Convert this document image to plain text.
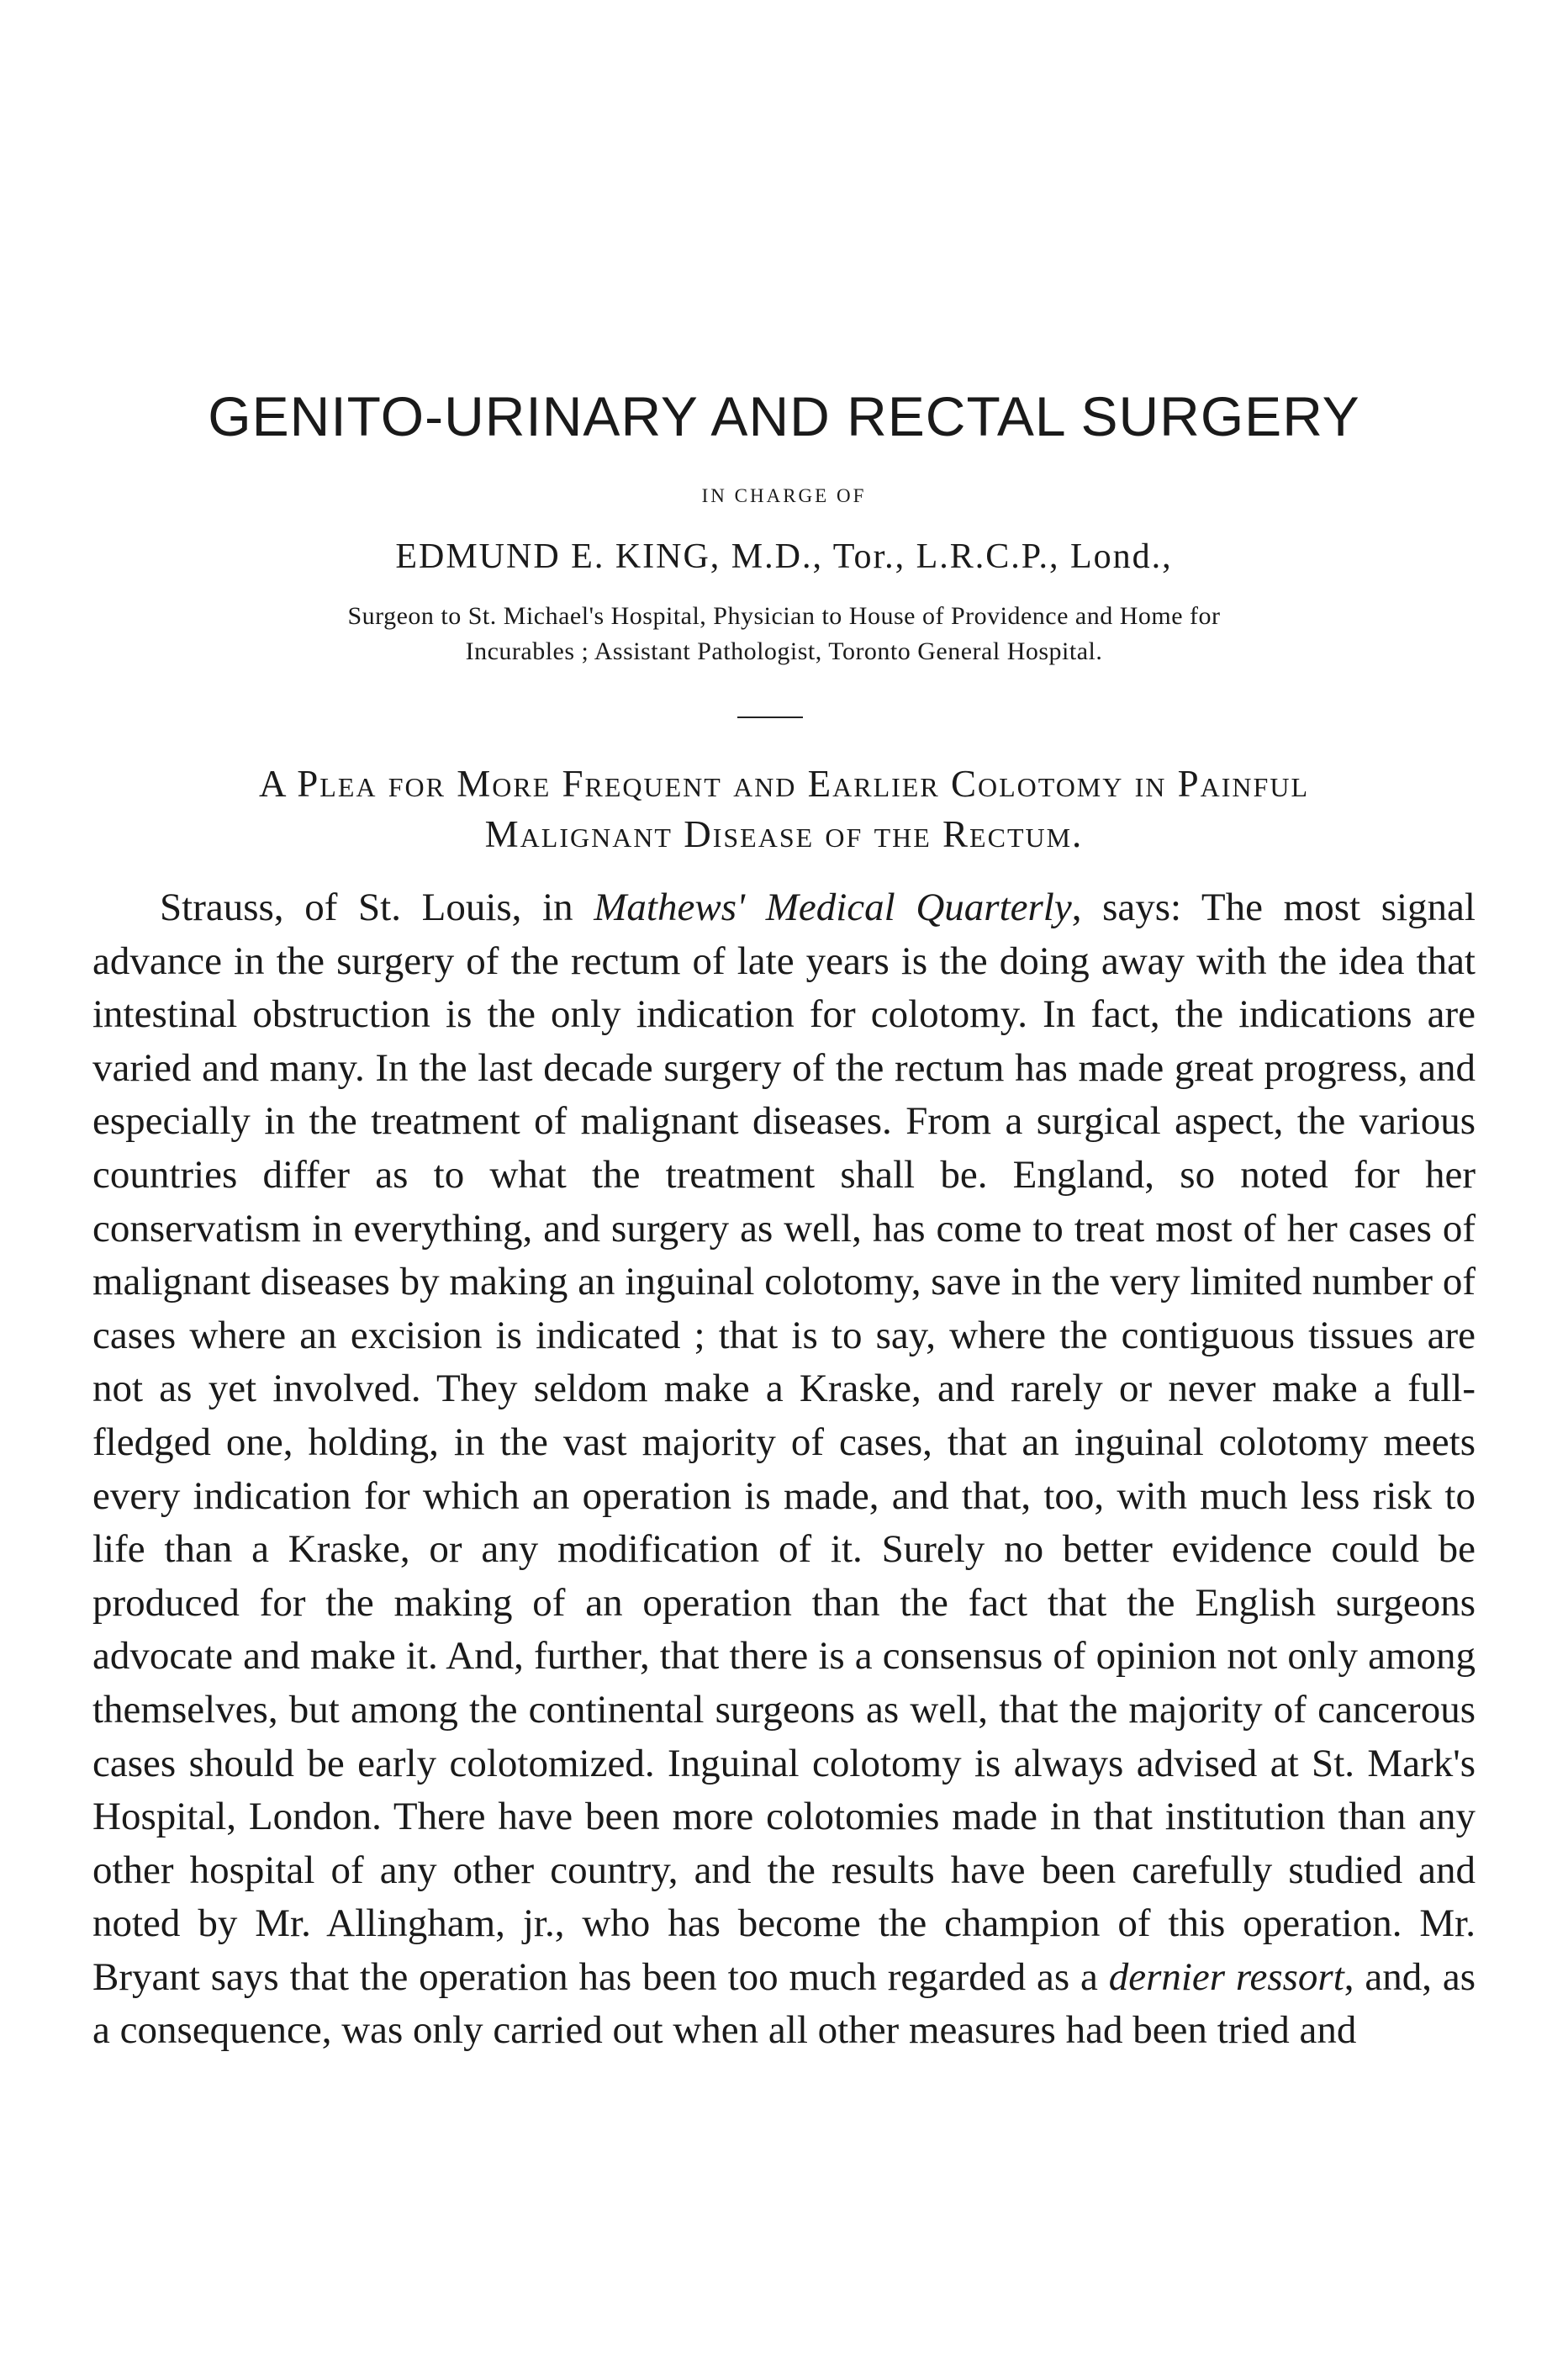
GENITO-URINARY AND RECTAL SURGERY
IN CHARGE OF
EDMUND E. KING, M.D., Tor., L.R.C.P., Lond.,
Surgeon to St. Michael's Hospital, Physician to House of Providence and Home for
Incurables ; Assistant Pathologist, Toronto General Hospital.
A Plea for More Frequent and Earlier Colotomy in Painful
Malignant Disease of the Rectum.

Strauss, of St. Louis, in Mathews' Medical Quarterly, says: The most signal advance in the surgery of the rectum of late years is the doing away with the idea that intestinal obstruction is the only indication for colotomy. In fact, the indications are varied and many. In the last decade surgery of the rectum has made great progress, and especially in the treatment of malignant diseases. From a surgical aspect, the various countries differ as to what the treatment shall be. England, so noted for her conservatism in everything, and surgery as well, has come to treat most of her cases of malignant diseases by making an inguinal colotomy, save in the very limited number of cases where an excision is indicated ; that is to say, where the contiguous tissues are not as yet involved. They seldom make a Kraske, and rarely or never make a full-fledged one, holding, in the vast majority of cases, that an inguinal colotomy meets every indication for which an operation is made, and that, too, with much less risk to life than a Kraske, or any modification of it. Surely no better evidence could be produced for the making of an operation than the fact that the English surgeons advocate and make it. And, further, that there is a consensus of opinion not only among themselves, but among the continental surgeons as well, that the majority of cancerous cases should be early colotomized. Inguinal colotomy is always advised at St. Mark's Hospital, London. There have been more colotomies made in that institution than any other hospital of any other country, and the results have been carefully studied and noted by Mr. Allingham, jr., who has become the champion of this operation. Mr. Bryant says that the operation has been too much regarded as a dernier ressort, and, as a consequence, was only carried out when all other measures had been tried and
